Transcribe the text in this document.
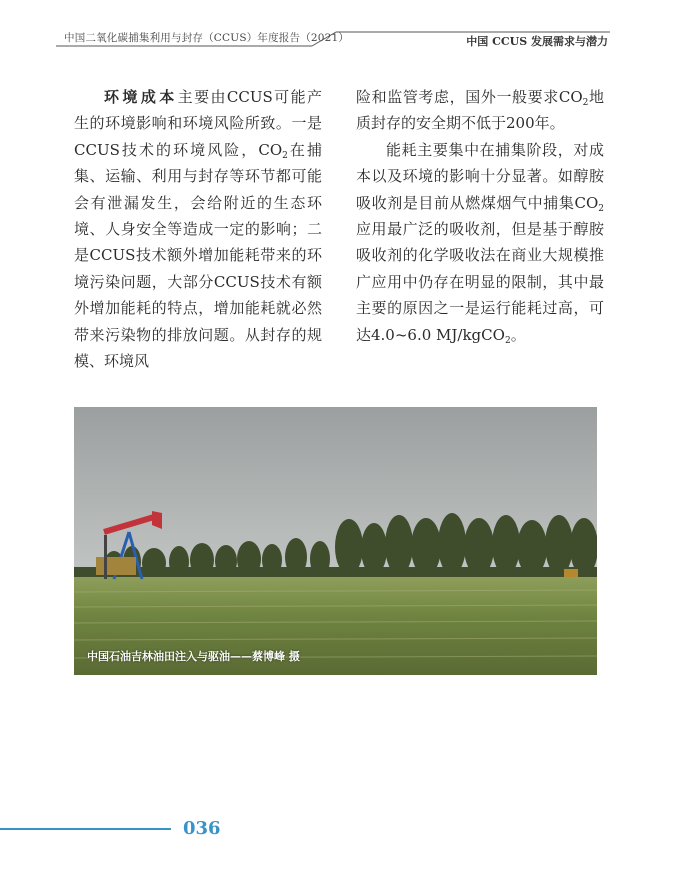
中国二氧化碳捕集利用与封存（CCUS）年度报告（2021）	中国 CCUS 发展需求与潜力

环境成本主要由CCUS可能产生的环境影响和环境风险所致。一是CCUS技术的环境风险，$CO_2$在捕集、运输、利用与封存等环节都可能会有泄漏发生，会给附近的生态环境、人身安全等造成一定的影响；二是CCUS技术额外增加能耗带来的环境污染问题，大部分CCUS技术有额外增加能耗的特点，增加能耗就必然带来污染物的排放问题。从封存的规模、环境风

险和监管考虑，国外一般要求$CO_2$地质封存的安全期不低于200年。

能耗主要集中在捕集阶段，对成本以及环境的影响十分显著。如醇胺吸收剂是目前从燃煤烟气中捕集$CO_2$应用最广泛的吸收剂，但是基于醇胺吸收剂的化学吸收法在商业大规模推广应用中仍存在明显的限制，其中最主要的原因之一是运行能耗过高，可达4.0~6.0 MJ/kgCO$_2$。

中国石油吉林油田注入与驱油——蔡博峰 摄
036
